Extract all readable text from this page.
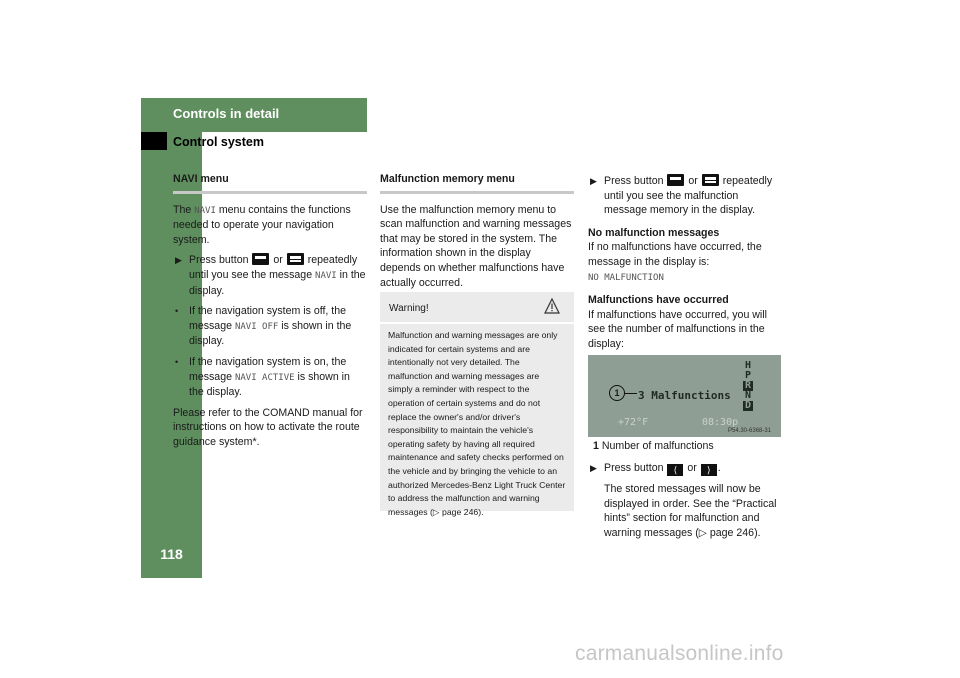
Controls in detail
Control system
118
NAVI menu

The NAVI menu contains the functions needed to operate your navigation system.

▶ Press button or repeatedly until you see the message NAVI in the display.
• If the navigation system is off, the message NAVI OFF is shown in the display.
• If the navigation system is on, the message NAVI ACTIVE is shown in the display.

Please refer to the COMAND manual for instructions on how to activate the route guidance system*.

Malfunction memory menu

Use the malfunction memory menu to scan malfunction and warning messages that may be stored in the system. The information shown in the display depends on whether malfunctions have actually occurred.

Warning!
Malfunction and warning messages are only indicated for certain systems and are intentionally not very detailed. The malfunction and warning messages are simply a reminder with respect to the operation of certain systems and do not replace the owner's and/or driver's responsibility to maintain the vehicle's operating safety by having all required maintenance and safety checks performed on the vehicle and by bringing the vehicle to an authorized Mercedes-Benz Light Truck Center to address the malfunction and warning messages (▷ page 246).
▶ Press button or repeatedly until you see the malfunction message memory in the display.
No malfunction messages

If no malfunctions have occurred, the message in the display is:
NO MALFUNCTION

Malfunctions have occurred

If malfunctions have occurred, you will see the number of malfunctions in the display:

1	3 Malfunctions
H
P
R
N
D
+72°F	08:30p
P54.30-6368-31
1 Number of malfunctions
▶ Press button ⟨ or ⟩ .

The stored messages will now be displayed in order. See the “Practical hints” section for malfunction and warning messages (▷ page 246).

carmanualsonline.info
